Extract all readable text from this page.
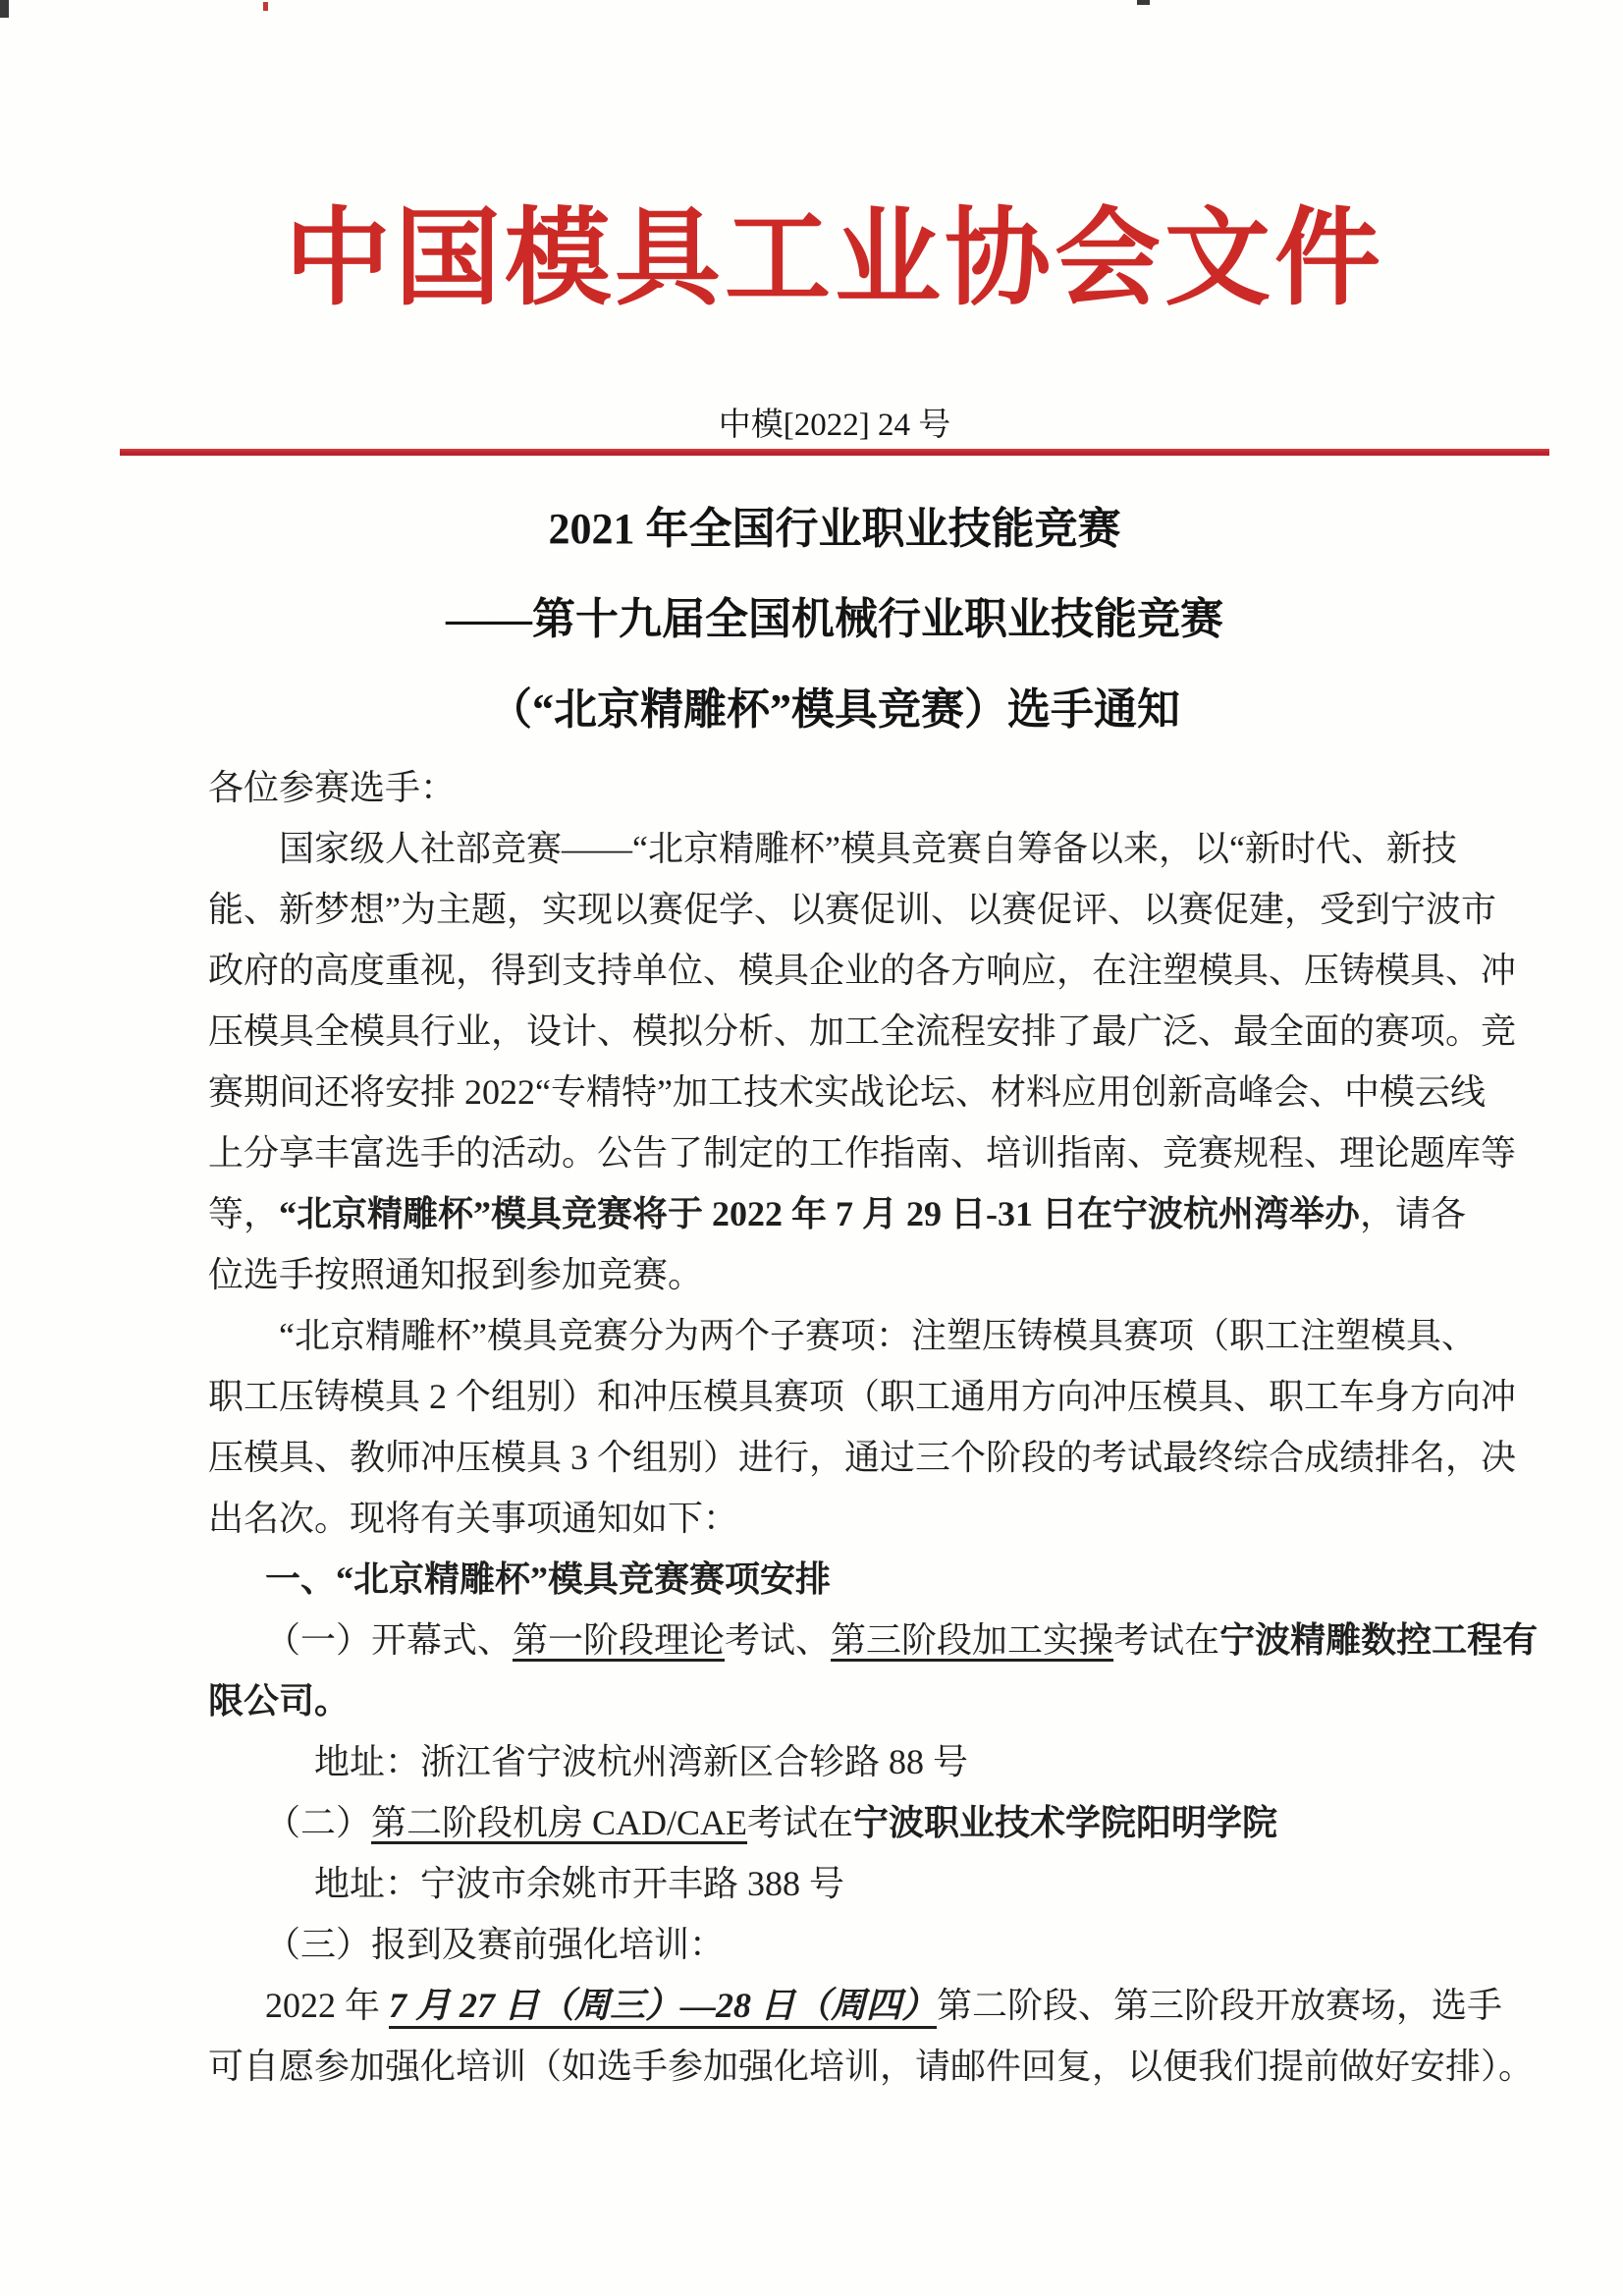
中国模具工业协会文件
中模[2022] 24 号
2021 年全国行业职业技能竞赛
——第十九届全国机械行业职业技能竞赛
（“北京精雕杯”模具竞赛）选手通知
各位参赛选手：
国家级人社部竞赛——“北京精雕杯”模具竞赛自筹备以来，以“新时代、新技
能、新梦想”为主题，实现以赛促学、以赛促训、以赛促评、以赛促建，受到宁波市
政府的高度重视，得到支持单位、模具企业的各方响应，在注塑模具、压铸模具、冲
压模具全模具行业，设计、模拟分析、加工全流程安排了最广泛、最全面的赛项。竞
赛期间还将安排 2022“专精特”加工技术实战论坛、材料应用创新高峰会、中模云线
上分享丰富选手的活动。公告了制定的工作指南、培训指南、竞赛规程、理论题库等
等，“北京精雕杯”模具竞赛将于 2022 年 7 月 29 日-31 日在宁波杭州湾举办，请各
位选手按照通知报到参加竞赛。
“北京精雕杯”模具竞赛分为两个子赛项：注塑压铸模具赛项（职工注塑模具、
职工压铸模具 2 个组别）和冲压模具赛项（职工通用方向冲压模具、职工车身方向冲
压模具、教师冲压模具 3 个组别）进行，通过三个阶段的考试最终综合成绩排名，决
出名次。现将有关事项通知如下：
一、“北京精雕杯”模具竞赛赛项安排
（一）开幕式、第一阶段理论考试、第三阶段加工实操考试在宁波精雕数控工程有
限公司。
地址：浙江省宁波杭州湾新区合轸路 88 号
（二）第二阶段机房 CAD/CAE考试在宁波职业技术学院阳明学院
地址：宁波市余姚市开丰路 388 号
（三）报到及赛前强化培训：
2022 年 7 月 27 日（周三）—28 日（周四）第二阶段、第三阶段开放赛场，选手
可自愿参加强化培训（如选手参加强化培训，请邮件回复，以便我们提前做好安排）。
